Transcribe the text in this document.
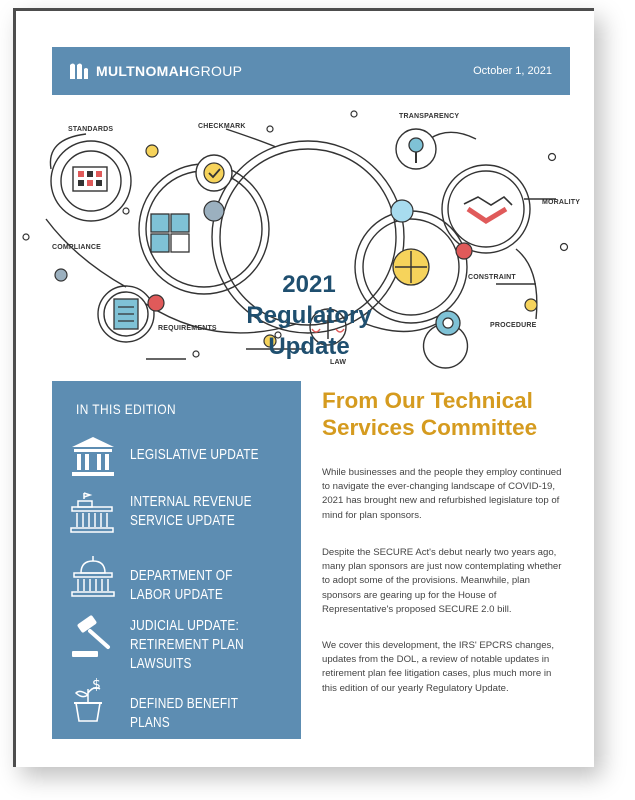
MULTNOMAHGROUP	October 1, 2021
2021
Regulatory
Update
STANDARDS	CHECKMARK
TRANSPARENCY
MORALITY
COMPLIANCE
CONSTRAINT
REQUIREMENTS	PROCEDURE
LAW
IN THIS EDITION
LEGISLATIVE UPDATE
INTERNAL REVENUE
SERVICE UPDATE
DEPARTMENT OF LABOR UPDATE
JUDICIAL UPDATE:
RETIREMENT PLAN LAWSUITS
$
DEFINED BENEFIT PLANS
From Our Technical
Services Committee
While businesses and the people they employ continued to navigate the ever-changing landscape of COVID-19, 2021 has brought new and refurbished legislature top of mind for plan sponsors.
Despite the SECURE Act's debut nearly two years ago, many plan sponsors are just now contemplating whether to adopt some of the provisions. Meanwhile, plan sponsors are gearing up for the House of Representative's proposed SECURE 2.0 bill.
We cover this development, the IRS' EPCRS changes, updates from the DOL, a review of notable updates in retirement plan fee litigation cases, plus much more in this edition of our yearly Regulatory Update.
